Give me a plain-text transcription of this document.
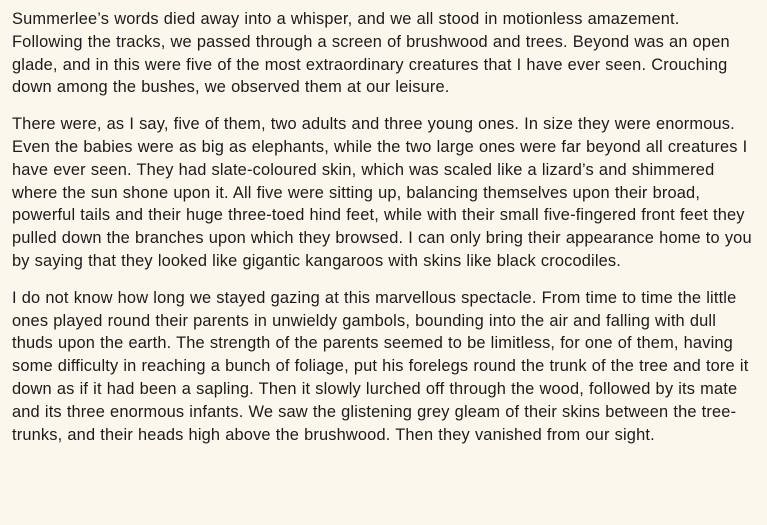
Summerlee’s words died away into a whisper, and we all stood in motionless amazement. Following the tracks, we passed through a screen of brushwood and trees. Beyond was an open glade, and in this were five of the most extraordinary creatures that I have ever seen. Crouching down among the bushes, we observed them at our leisure.

There were, as I say, five of them, two adults and three young ones. In size they were enormous. Even the babies were as big as elephants, while the two large ones were far beyond all creatures I have ever seen. They had slate-coloured skin, which was scaled like a lizard’s and shimmered where the sun shone upon it. All five were sitting up, balancing themselves upon their broad, powerful tails and their huge three-toed hind feet, while with their small five-fingered front feet they pulled down the branches upon which they browsed. I can only bring their appearance home to you by saying that they looked like gigantic kangaroos with skins like black crocodiles.

I do not know how long we stayed gazing at this marvellous spectacle. From time to time the little ones played round their parents in unwieldy gambols, bounding into the air and falling with dull thuds upon the earth. The strength of the parents seemed to be limitless, for one of them, having some difficulty in reaching a bunch of foliage, put his forelegs round the trunk of the tree and tore it down as if it had been a sapling. Then it slowly lurched off through the wood, followed by its mate and its three enormous infants. We saw the glistening grey gleam of their skins between the tree-trunks, and their heads high above the brushwood. Then they vanished from our sight.
